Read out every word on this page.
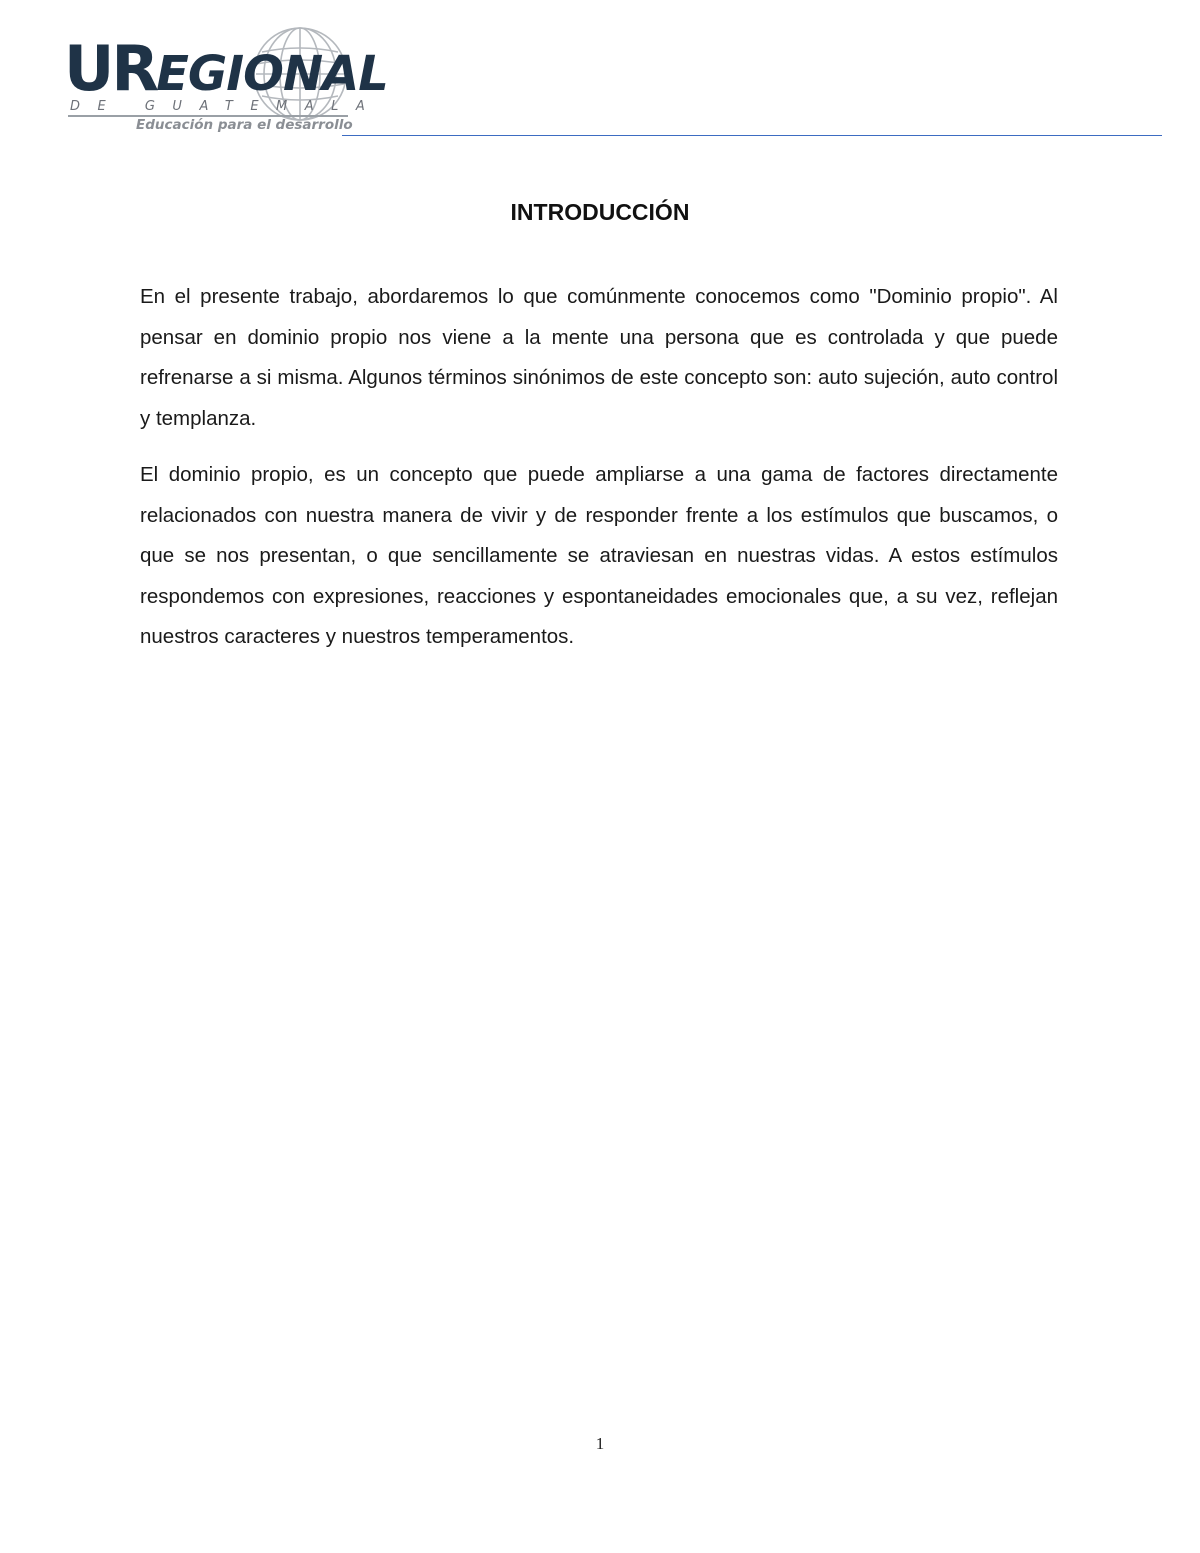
UREGIONAL
DE GUATEMALA
Educación para el desarrollo
INTRODUCCIÓN

En el presente trabajo, abordaremos lo que comúnmente conocemos como "Dominio propio". Al pensar en dominio propio nos viene a la mente una persona que es controlada y que puede refrenarse a si misma. Algunos términos sinónimos de este concepto son: auto sujeción, auto control y templanza.

El dominio propio, es un concepto que puede ampliarse a una gama de factores directamente relacionados con nuestra manera de vivir y de responder frente a los estímulos que buscamos, o que se nos presentan, o que sencillamente se atraviesan en nuestras vidas. A estos estímulos respondemos con expresiones, reacciones y espontaneidades emocionales que, a su vez, reflejan nuestros caracteres y nuestros temperamentos.

1
